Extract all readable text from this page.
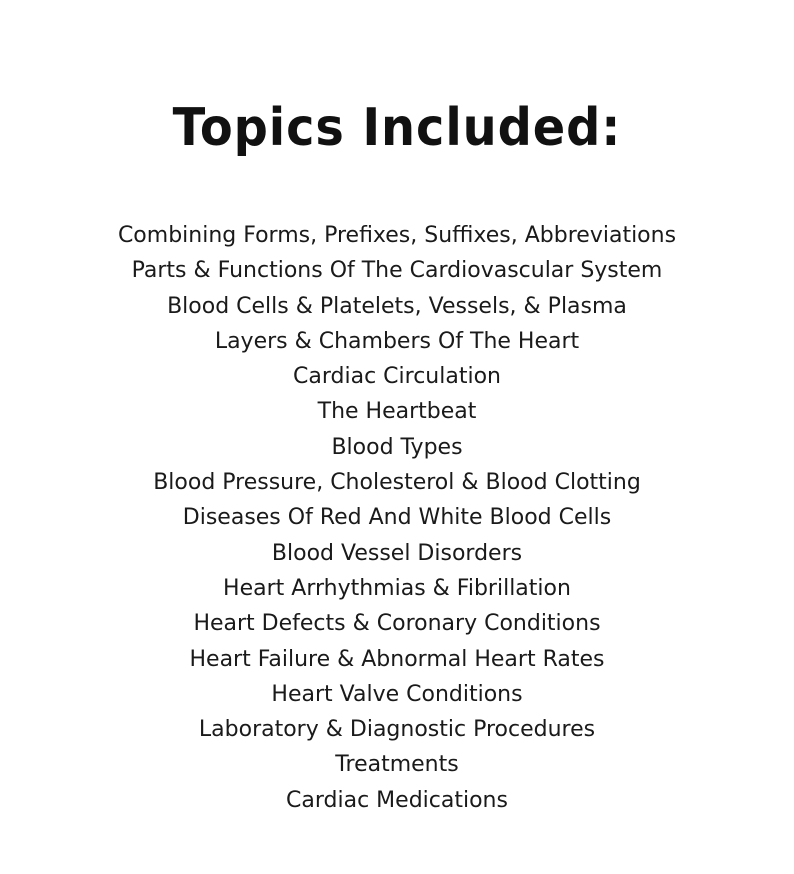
Topics Included:
Combining Forms, Prefixes, Suffixes, Abbreviations
Parts & Functions Of The Cardiovascular System
Blood Cells & Platelets, Vessels, & Plasma
Layers & Chambers Of The Heart
Cardiac Circulation
The Heartbeat
Blood Types
Blood Pressure, Cholesterol & Blood Clotting
Diseases Of Red And White Blood Cells
Blood Vessel Disorders
Heart Arrhythmias & Fibrillation
Heart Defects & Coronary Conditions
Heart Failure & Abnormal Heart Rates
Heart Valve Conditions
Laboratory & Diagnostic Procedures
Treatments
Cardiac Medications
